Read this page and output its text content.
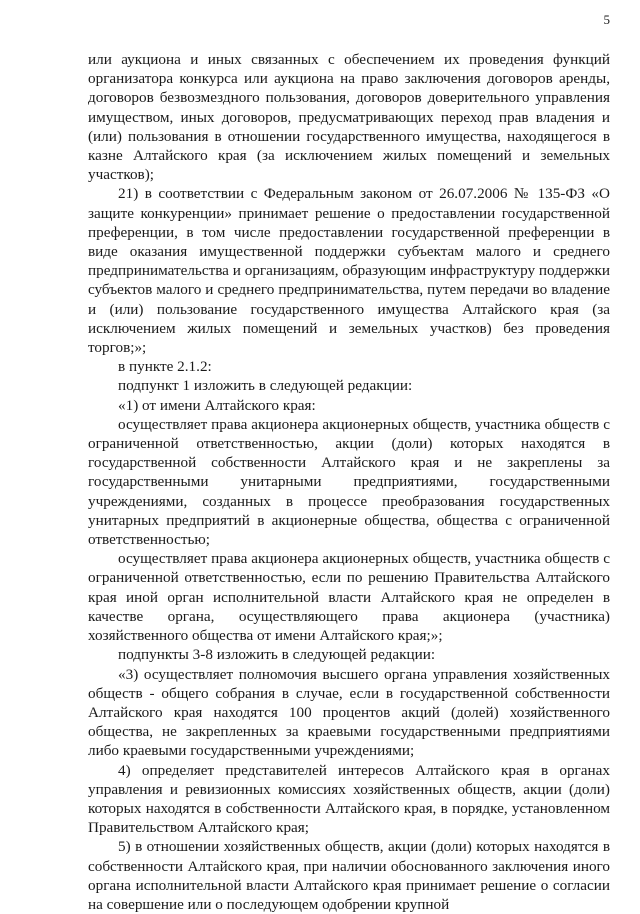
5

или аукциона и иных связанных с обеспечением их проведения функций организатора конкурса или аукциона на право заключения договоров аренды, договоров безвозмездного пользования, договоров доверительного управления имуществом, иных договоров, предусматривающих переход прав владения и (или) пользования в отношении государственного имущества, находящегося в казне Алтайского края (за исключением жилых помещений и земельных участков);

21) в соответствии с Федеральным законом от 26.07.2006 № 135-ФЗ «О защите конкуренции» принимает решение о предоставлении государственной преференции, в том числе предоставлении государственной преференции в виде оказания имущественной поддержки субъектам малого и среднего предпринимательства и организациям, образующим инфраструктуру поддержки субъектов малого и среднего предпринимательства, путем передачи во владение и (или) пользование государственного имущества Алтайского края (за исключением жилых помещений и земельных участков) без проведения торгов;»;

в пункте 2.1.2:

подпункт 1 изложить в следующей редакции:

«1) от имени Алтайского края:

осуществляет права акционера акционерных обществ, участника обществ с ограниченной ответственностью, акции (доли) которых находятся в государственной собственности Алтайского края и не закреплены за государственными унитарными предприятиями, государственными учреждениями, созданных в процессе преобразования государственных унитарных предприятий в акционерные общества, общества с ограниченной ответственностью;

осуществляет права акционера акционерных обществ, участника обществ с ограниченной ответственностью, если по решению Правительства Алтайского края иной орган исполнительной власти Алтайского края не определен в качестве органа, осуществляющего права акционера (участника) хозяйственного общества от имени Алтайского края;»;

подпункты 3-8 изложить в следующей редакции:

«3) осуществляет полномочия высшего органа управления хозяйственных обществ - общего собрания в случае, если в государственной собственности Алтайского края находятся 100 процентов акций (долей) хозяйственного общества, не закрепленных за краевыми государственными предприятиями либо краевыми государственными учреждениями;

4) определяет представителей интересов Алтайского края в органах управления и ревизионных комиссиях хозяйственных обществ, акции (доли) которых находятся в собственности Алтайского края, в порядке, установленном Правительством Алтайского края;

5) в отношении хозяйственных обществ, акции (доли) которых находятся в собственности Алтайского края, при наличии обоснованного заключения иного органа исполнительной власти Алтайского края принимает решение о согласии на совершение или о последующем одобрении крупной
